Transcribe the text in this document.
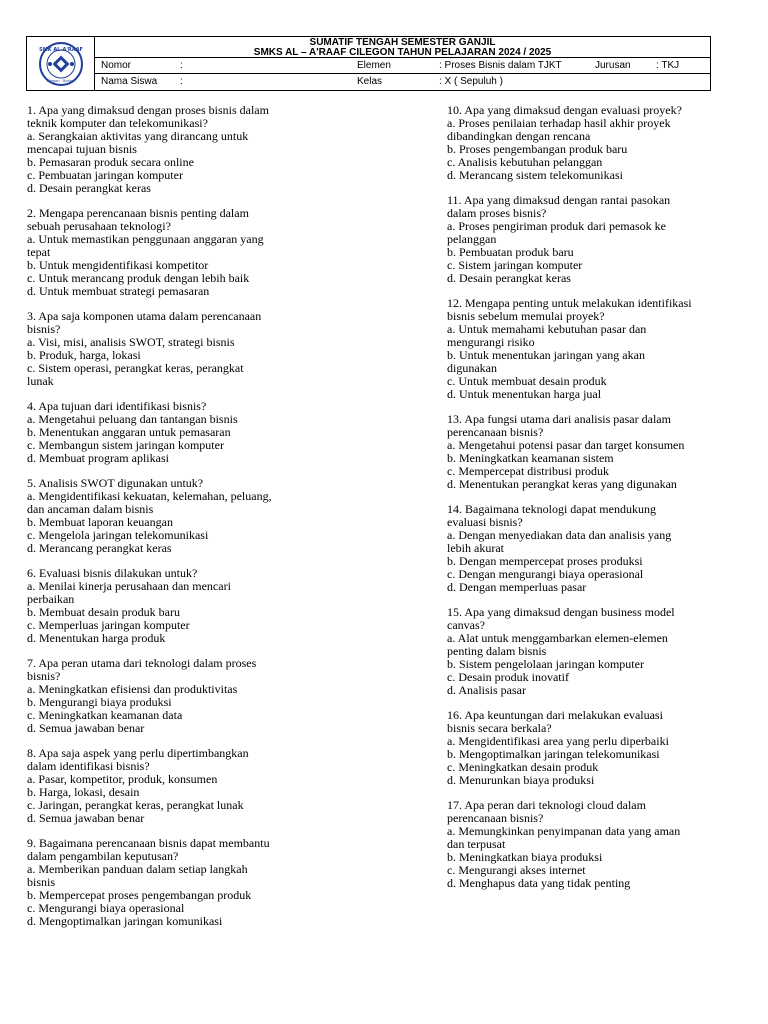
SMK AL-A'RAAF
Cilegon - Banten
SUMATIF TENGAH SEMESTER GANJIL
SMKS AL – A'RAAF CILEGON TAHUN PELAJARAN 2024 / 2025
Nomor	:	Elemen	: Proses Bisnis dalam TJKT	Jurusan	: TKJ
Nama Siswa :	Kelas	: X ( Sepuluh )
1. Apa yang dimaksud dengan proses bisnis dalam
teknik komputer dan telekomunikasi?
a. Serangkaian aktivitas yang dirancang untuk
mencapai tujuan bisnis
b. Pemasaran produk secara online
c. Pembuatan jaringan komputer
d. Desain perangkat keras
2. Mengapa perencanaan bisnis penting dalam
sebuah perusahaan teknologi?
a. Untuk memastikan penggunaan anggaran yang
tepat
b. Untuk mengidentifikasi kompetitor
c. Untuk merancang produk dengan lebih baik
d. Untuk membuat strategi pemasaran
3. Apa saja komponen utama dalam perencanaan
bisnis?
a. Visi, misi, analisis SWOT, strategi bisnis
b. Produk, harga, lokasi
c. Sistem operasi, perangkat keras, perangkat
lunak
4. Apa tujuan dari identifikasi bisnis?
a. Mengetahui peluang dan tantangan bisnis
b. Menentukan anggaran untuk pemasaran
c. Membangun sistem jaringan komputer
d. Membuat program aplikasi
5. Analisis SWOT digunakan untuk?
a. Mengidentifikasi kekuatan, kelemahan, peluang,
dan ancaman dalam bisnis
b. Membuat laporan keuangan
c. Mengelola jaringan telekomunikasi
d. Merancang perangkat keras
6. Evaluasi bisnis dilakukan untuk?
a. Menilai kinerja perusahaan dan mencari
perbaikan
b. Membuat desain produk baru
c. Memperluas jaringan komputer
d. Menentukan harga produk
7. Apa peran utama dari teknologi dalam proses
bisnis?
a. Meningkatkan efisiensi dan produktivitas
b. Mengurangi biaya produksi
c. Meningkatkan keamanan data
d. Semua jawaban benar
8. Apa saja aspek yang perlu dipertimbangkan
dalam identifikasi bisnis?
a. Pasar, kompetitor, produk, konsumen
b. Harga, lokasi, desain
c. Jaringan, perangkat keras, perangkat lunak
d. Semua jawaban benar
9. Bagaimana perencanaan bisnis dapat membantu
dalam pengambilan keputusan?
a. Memberikan panduan dalam setiap langkah
bisnis
b. Mempercepat proses pengembangan produk
c. Mengurangi biaya operasional
d. Mengoptimalkan jaringan komunikasi
10. Apa yang dimaksud dengan evaluasi proyek?
a. Proses penilaian terhadap hasil akhir proyek
dibandingkan dengan rencana
b. Proses pengembangan produk baru
c. Analisis kebutuhan pelanggan
d. Merancang sistem telekomunikasi
11. Apa yang dimaksud dengan rantai pasokan
dalam proses bisnis?
a. Proses pengiriman produk dari pemasok ke
pelanggan
b. Pembuatan produk baru
c. Sistem jaringan komputer
d. Desain perangkat keras
12. Mengapa penting untuk melakukan identifikasi
bisnis sebelum memulai proyek?
a. Untuk memahami kebutuhan pasar dan
mengurangi risiko
b. Untuk menentukan jaringan yang akan
digunakan
c. Untuk membuat desain produk
d. Untuk menentukan harga jual
13. Apa fungsi utama dari analisis pasar dalam
perencanaan bisnis?
a. Mengetahui potensi pasar dan target konsumen
b. Meningkatkan keamanan sistem
c. Mempercepat distribusi produk
d. Menentukan perangkat keras yang digunakan
14. Bagaimana teknologi dapat mendukung
evaluasi bisnis?
a. Dengan menyediakan data dan analisis yang
lebih akurat
b. Dengan mempercepat proses produksi
c. Dengan mengurangi biaya operasional
d. Dengan memperluas pasar
15. Apa yang dimaksud dengan business model
canvas?
a. Alat untuk menggambarkan elemen-elemen
penting dalam bisnis
b. Sistem pengelolaan jaringan komputer
c. Desain produk inovatif
d. Analisis pasar
16. Apa keuntungan dari melakukan evaluasi
bisnis secara berkala?
a. Mengidentifikasi area yang perlu diperbaiki
b. Mengoptimalkan jaringan telekomunikasi
c. Meningkatkan desain produk
d. Menurunkan biaya produksi
17. Apa peran dari teknologi cloud dalam
perencanaan bisnis?
a. Memungkinkan penyimpanan data yang aman
dan terpusat
b. Meningkatkan biaya produksi
c. Mengurangi akses internet
d. Menghapus data yang tidak penting
